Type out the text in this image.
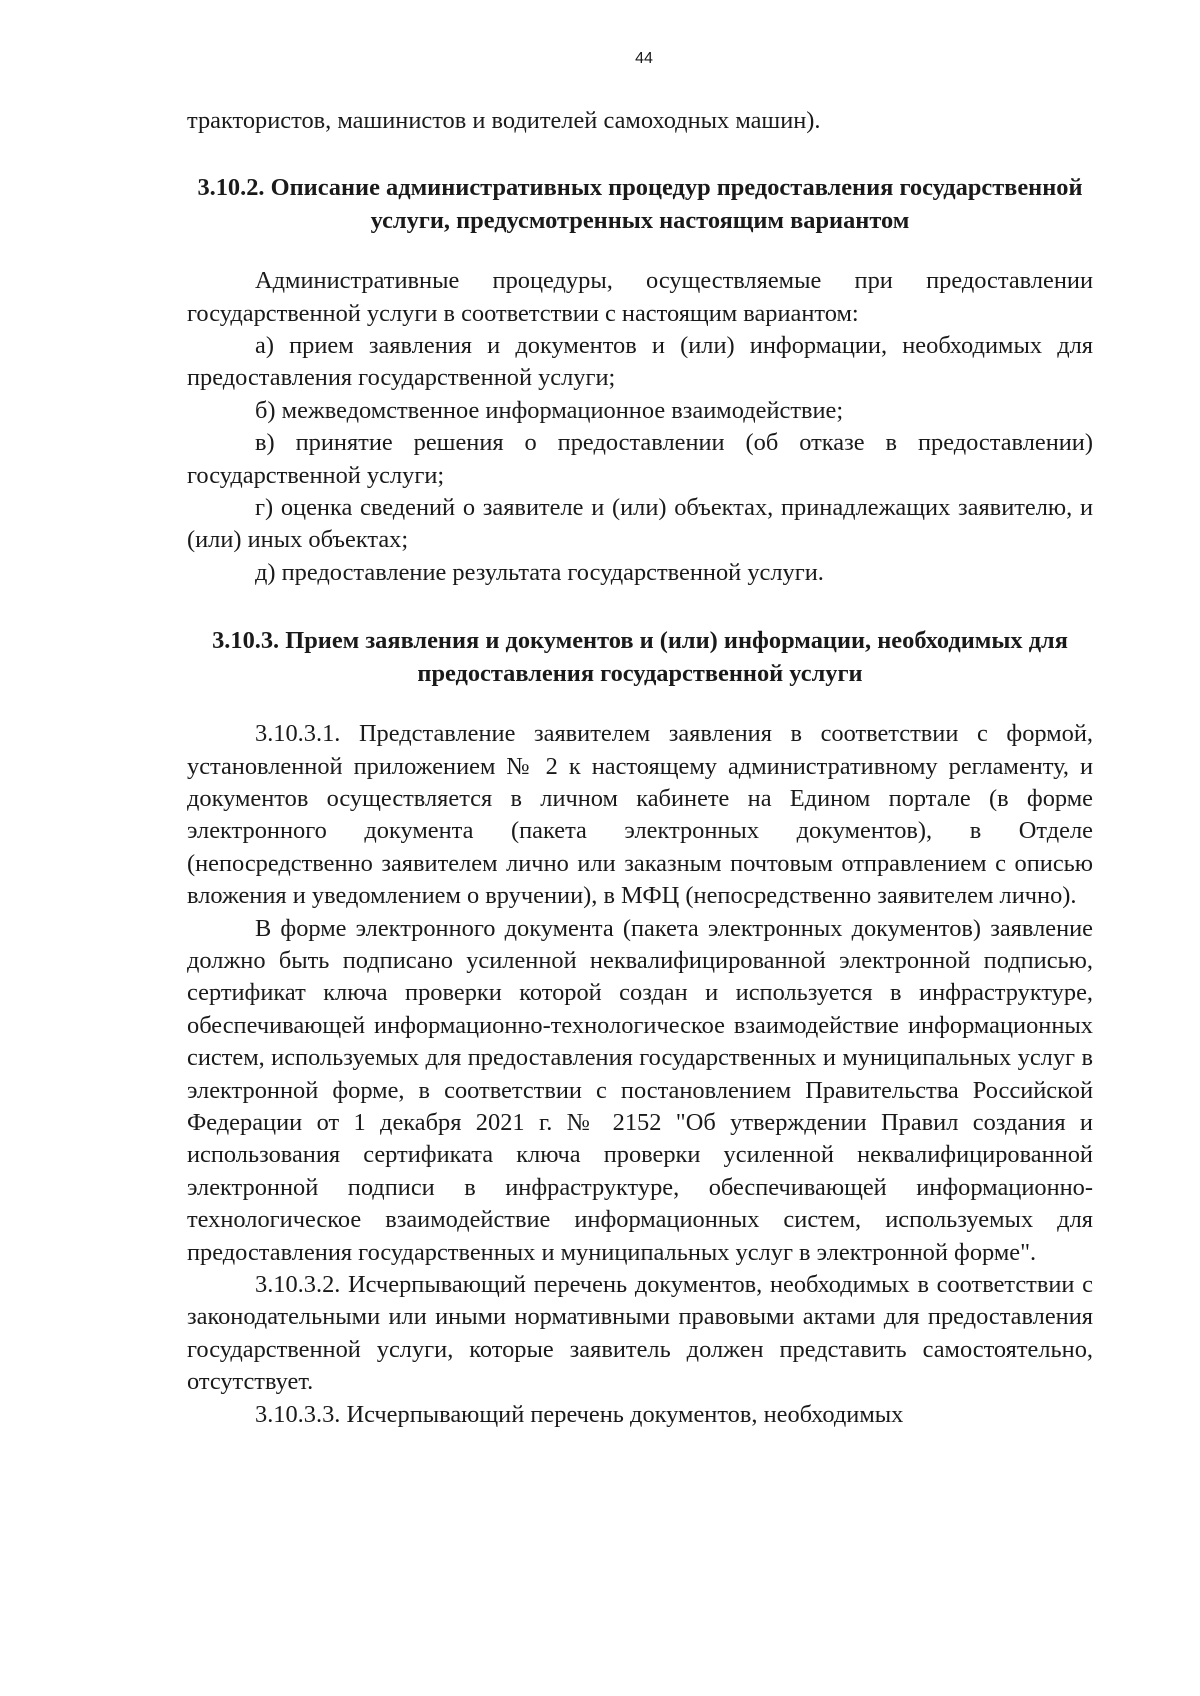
44

трактористов, машинистов и водителей самоходных машин).

3.10.2. Описание административных процедур предоставления государственной услуги, предусмотренных настоящим вариантом

Административные процедуры, осуществляемые при предоставлении государственной услуги в соответствии с настоящим вариантом:

а) прием заявления и документов и (или) информации, необходимых для предоставления государственной услуги;

б) межведомственное информационное взаимодействие;

в) принятие решения о предоставлении (об отказе в предоставлении) государственной услуги;

г) оценка сведений о заявителе и (или) объектах, принадлежащих заявителю, и (или) иных объектах;

д) предоставление результата государственной услуги.

3.10.3. Прием заявления и документов и (или) информации, необходимых для предоставления государственной услуги

3.10.3.1. Представление заявителем заявления в соответствии с формой, установленной приложением № 2 к настоящему административному регламенту, и документов осуществляется в личном кабинете на Едином портале (в форме электронного документа (пакета электронных документов), в Отделе (непосредственно заявителем лично или заказным почтовым отправлением с описью вложения и уведомлением о вручении), в МФЦ (непосредственно заявителем лично).

В форме электронного документа (пакета электронных документов) заявление должно быть подписано усиленной неквалифицированной электронной подписью, сертификат ключа проверки которой создан и используется в инфраструктуре, обеспечивающей информационно-технологическое взаимодействие информационных систем, используемых для предоставления государственных и муниципальных услуг в электронной форме, в соответствии с постановлением Правительства Российской Федерации от 1 декабря 2021 г. № 2152 "Об утверждении Правил создания и использования сертификата ключа проверки усиленной неквалифицированной электронной подписи в инфраструктуре, обеспечивающей информационно-технологическое взаимодействие информационных систем, используемых для предоставления государственных и муниципальных услуг в электронной форме".

3.10.3.2. Исчерпывающий перечень документов, необходимых в соответствии с законодательными или иными нормативными правовыми актами для предоставления государственной услуги, которые заявитель должен представить самостоятельно, отсутствует.

3.10.3.3. Исчерпывающий перечень документов, необходимых
